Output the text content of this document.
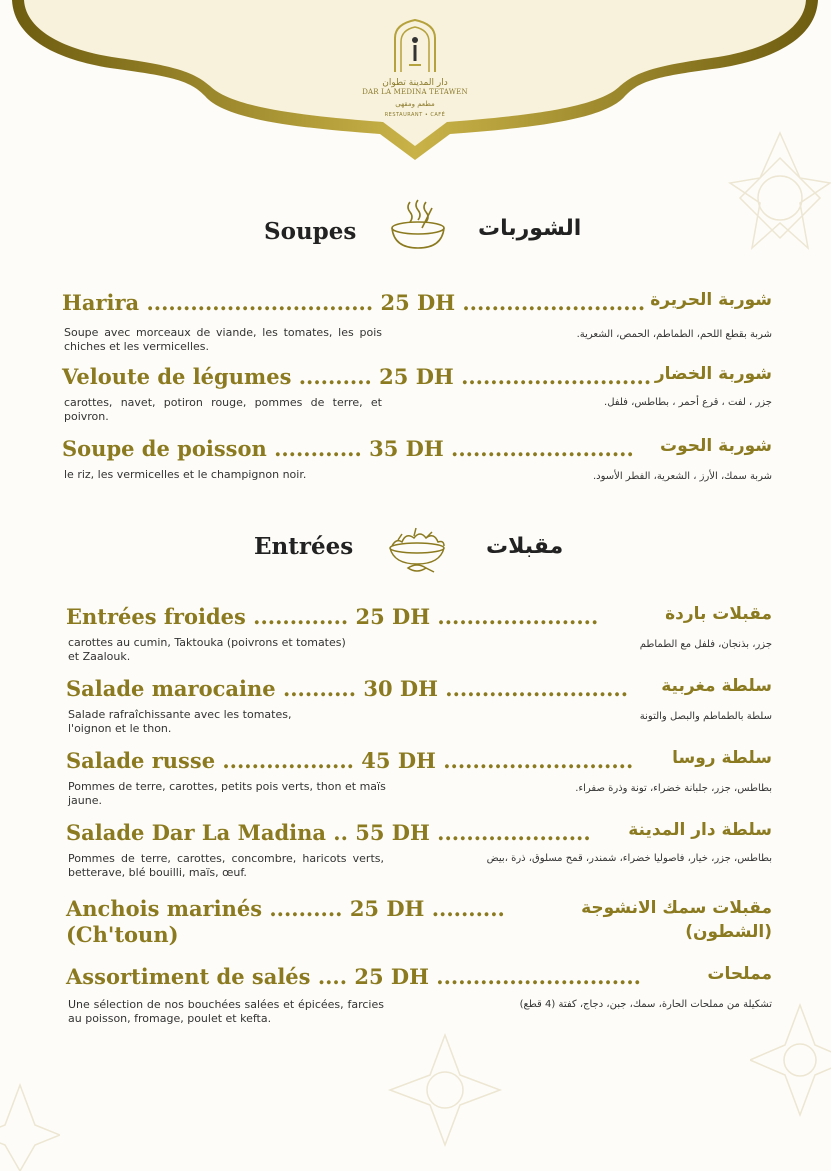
دار المدينة تطوان
DAR LA MEDINA TETAWEN
مطعم ومقهى
RESTAURANT • CAFÉ
Soupes	الشوربات
Harira ............................... 25 DH ......................... شوربة الحريرة
Soupe avec morceaux de viande, les tomates, les pois chiches et les vermicelles.
شربة بقطع اللحم، الطماطم، الحمص، الشعرية.
Veloute de légumes .......... 25 DH .......................... شوربة الخضار
carottes, navet, potiron rouge, pommes de terre, et poivron.
جزر ، لفت ، قرع أحمر ، بطاطس، فلفل.
Soupe de poisson ............ 35 DH ......................... شوربة الحوت
le riz, les vermicelles et le champignon noir.	شربة سمك، الأرز ، الشعرية، الفطر الأسود.
Entrées	مقبلات
Entrées froides ............. 25 DH ......................	مقبلات باردة
carottes au cumin, Taktouka (poivrons et tomates) et Zaalouk.
جزر، بذنجان، فلفل مع الطماطم
Salade marocaine .......... 30 DH ......................... سلطة مغربية
Salade rafraîchissante avec les tomates, l'oignon et le thon.
سلطة بالطماطم والبصل والتونة
Salade russe .................. 45 DH .......................... سلطة روسا
Pommes de terre, carottes, petits pois verts, thon et maïs jaune.
بطاطس، جزر، جلبانة خضراء، تونة وذرة صفراء.
Salade Dar La Madina .. 55 DH ..................... سلطة دار المدينة
Pommes de terre, carottes, concombre, haricots verts, betterave, blé bouilli, maïs, œuf.
بطاطس، جزر، خيار، فاصوليا خضراء، شمندر، قمح مسلوق، ذرة ،بيض
Anchois marinés .......... 25 DH ..........
(Ch'toun)
مقبلات سمك الانشوجة
(الشطون)
Assortiment de salés .... 25 DH ............................	مملحات
Une sélection de nos bouchées salées et épicées, farcies au poisson, fromage, poulet et kefta.
تشكيلة من مملحات الحارة، سمك، جبن، دجاج، كفتة (4 قطع)
